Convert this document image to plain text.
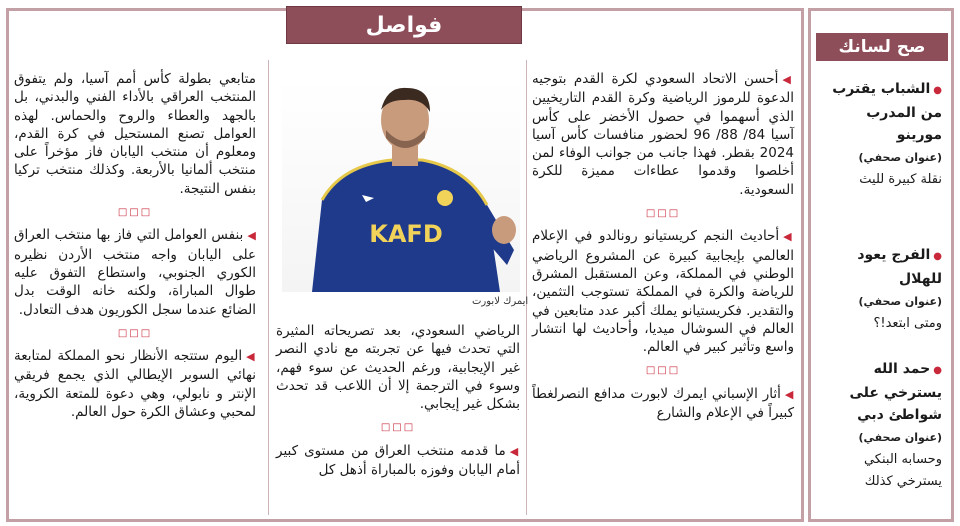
فواصل
صح لسانك

◀أحسن الاتحاد السعودي لكرة القدم بتوجيه الدعوة للرموز الرياضية وكرة القدم التاريخيين الذي أسهموا في حصول الأخضر على كأس آسيا 84/ 88/ 96 لحضور منافسات كأس آسيا 2024 بقطر. فهذا جانب من جوانب الوفاء لمن أخلصوا وقدموا عطاءات مميزة للكرة السعودية.

□□□

◀أحاديث النجم كريستيانو رونالدو في الإعلام العالمي بإيجابية كبيرة عن المشروع الرياضي الوطني في المملكة، وعن المستقبل المشرق للرياضة والكرة في المملكة تستوجب التثمين، والتقدير. فكريستيانو يملك أكبر عدد متابعين في العالم في السوشال ميديا، وأحاديث لها انتشار واسع وتأثير كبير في العالم.

□□□

◀أثار الإسباني ايمرك لابورت مدافع النصرلغطاً كبيراً في الإعلام والشارع

KAFD
ايمرك لابورت

الرياضي السعودي، بعد تصريحاته المثيرة التي تحدث فيها عن تجربته مع نادي النصر غير الإيجابية، ورغم الحديث عن سوء فهم، وسوء في الترجمة إلا أن اللاعب قد تحدث بشكل غير إيجابي.

□□□

◀ما قدمه منتخب العراق من مستوى كبير أمام اليابان وفوزه بالمباراة أذهل كل

متابعي بطولة كأس أمم آسيا، ولم يتفوق المنتخب العراقي بالأداء الفني والبدني، بل بالجهد والعطاء والروح والحماس. لهذه العوامل تصنع المستحيل في كرة القدم، ومعلوم أن منتخب اليابان فاز مؤخراً على منتخب ألمانيا بالأربعة. وكذلك منتخب تركيا بنفس النتيجة.

□□□

◀بنفس العوامل التي فاز بها منتخب العراق على اليابان واجه منتخب الأردن نظيره الكوري الجنوبي، واستطاع التفوق عليه طوال المباراة، ولكنه خانه الوقت بدل الضائع عندما سجل الكوريون هدف التعادل.

□□□

◀اليوم ستتجه الأنظار نحو المملكة لمتابعة نهائي السوبر الإيطالي الذي يجمع فريقي الإنتر و نابولي، وهي دعوة للمتعة الكروية، لمحبي وعشاق الكرة حول العالم.

●الشباب يقترب من المدرب مورينو
(عنوان صحفي)
نقلة كبيرة لليث
●الفرج يعود للهلال
(عنوان صحفي)
ومتى ابتعد!؟
●حمد الله يسترخي على شواطئ دبي
(عنوان صحفي)
وحسابه البنكي يسترخي كذلك
